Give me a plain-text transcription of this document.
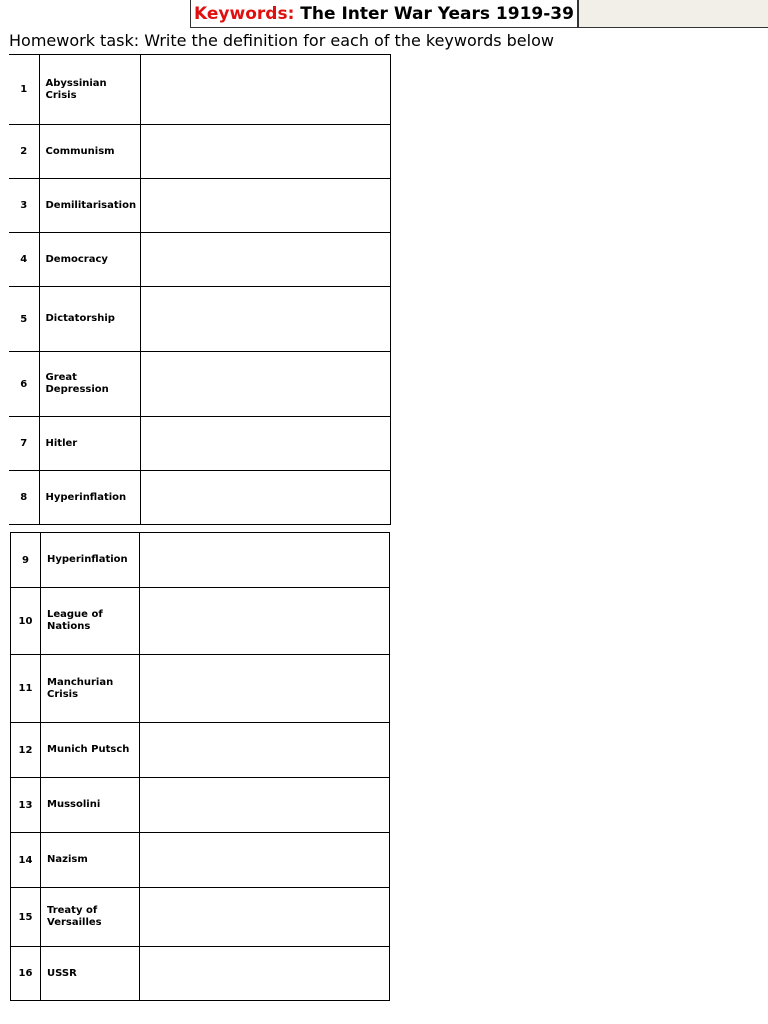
Keywords: The Inter War Years 1919-39
Homework task: Write the definition for each of the keywords below
1	Abyssinian Crisis	
2	Communism	
3	Demilitarisation	
4	Democracy	
5	Dictatorship	
6	Great Depression	
7	Hitler	
8	Hyperinflation	
9	Hyperinflation	
10	League of Nations	
11	Manchurian Crisis	
12	Munich Putsch	
13	Mussolini	
14	Nazism	
15	Treaty of Versailles	
16	USSR	
